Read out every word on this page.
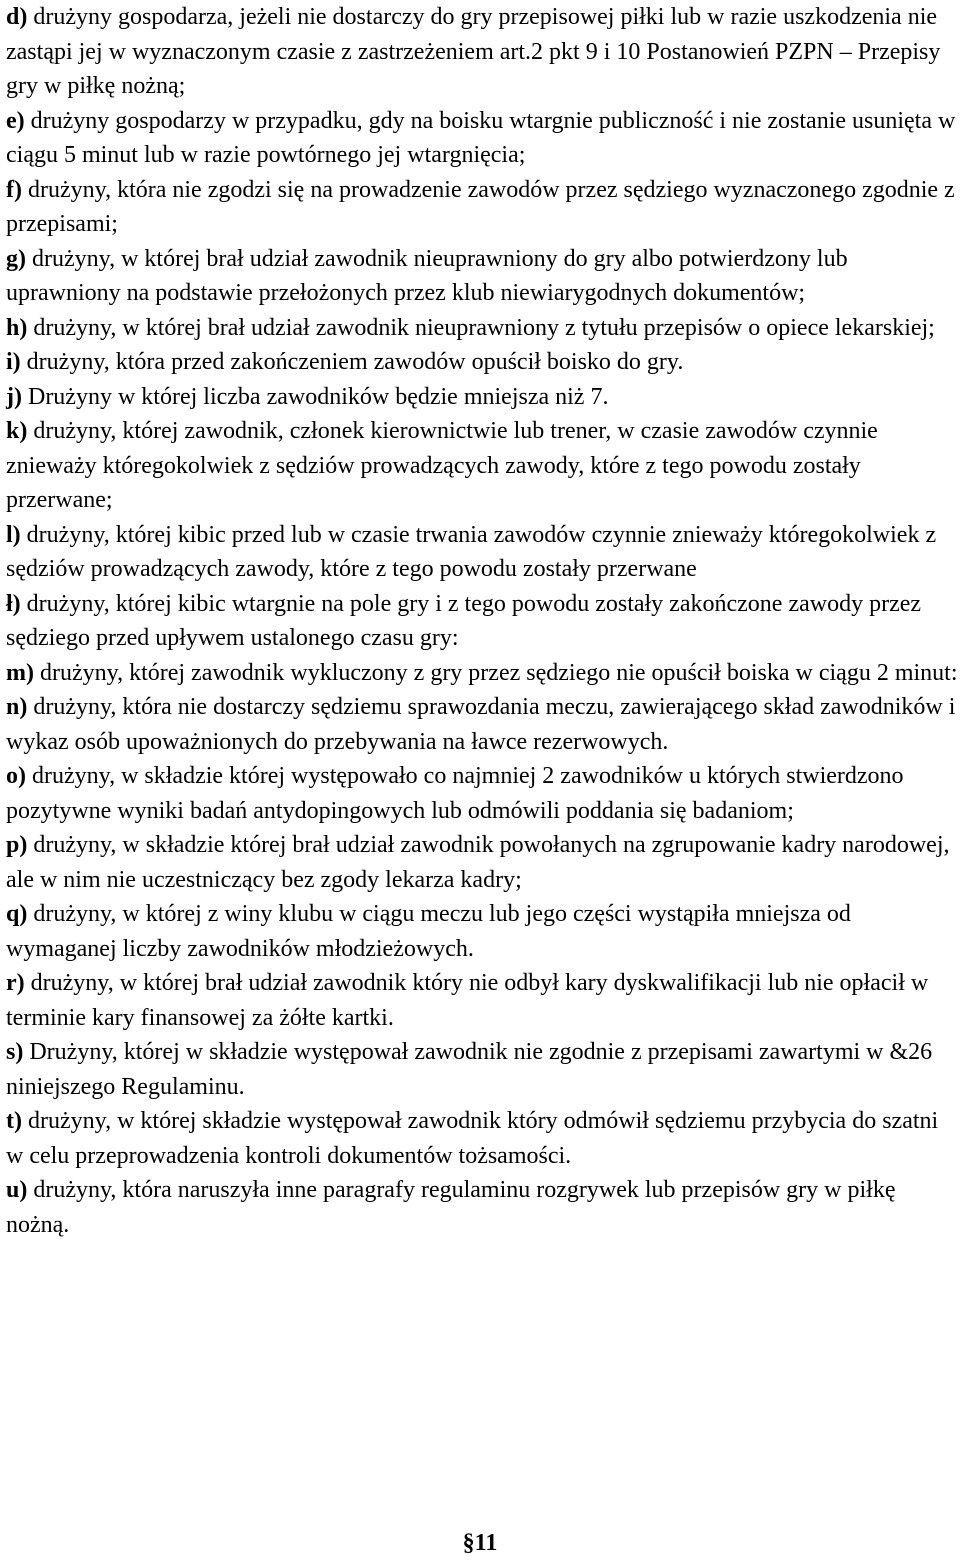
d) drużyny gospodarza, jeżeli nie dostarczy do gry przepisowej piłki lub w razie uszkodzenia nie zastąpi jej w wyznaczonym czasie z zastrzeżeniem art.2 pkt 9 i 10 Postanowień PZPN – Przepisy gry w piłkę nożną;

e) drużyny gospodarzy w przypadku, gdy na boisku wtargnie publiczność i nie zostanie usunięta w ciągu 5 minut lub w razie powtórnego jej wtargnięcia;

f) drużyny, która nie zgodzi się na prowadzenie zawodów przez sędziego wyznaczonego zgodnie z przepisami;

g) drużyny, w której brał udział zawodnik nieuprawniony do gry albo potwierdzony lub uprawniony na podstawie przełożonych przez klub niewiarygodnych dokumentów;

h) drużyny, w której brał udział zawodnik nieuprawniony z tytułu przepisów o opiece lekarskiej;

i) drużyny, która przed zakończeniem zawodów opuścił boisko do gry.

j) Drużyny w której liczba zawodników będzie mniejsza niż 7.

k) drużyny, której zawodnik, członek kierownictwie lub trener, w czasie zawodów czynnie znieważy któregokolwiek z sędziów prowadzących zawody, które z tego powodu zostały przerwane;

l) drużyny, której kibic przed lub w czasie trwania zawodów czynnie znieważy któregokolwiek z sędziów prowadzących zawody, które z tego powodu zostały przerwane

ł) drużyny, której kibic wtargnie na pole gry i z tego powodu zostały zakończone zawody przez sędziego przed upływem ustalonego czasu gry:

m) drużyny, której zawodnik wykluczony z gry przez sędziego nie opuścił boiska w ciągu 2 minut:

n) drużyny, która nie dostarczy sędziemu sprawozdania meczu, zawierającego skład zawodników i wykaz osób upoważnionych do przebywania na ławce rezerwowych.

o) drużyny, w składzie której występowało co najmniej 2 zawodników u których stwierdzono pozytywne wyniki badań antydopingowych lub odmówili poddania się badaniom;

p) drużyny, w składzie której brał udział zawodnik powołanych na zgrupowanie kadry narodowej, ale w nim nie uczestniczący bez zgody lekarza kadry;

q) drużyny, w której z winy klubu w ciągu meczu lub jego części wystąpiła mniejsza od wymaganej liczby zawodników młodzieżowych.

r) drużyny, w której brał udział zawodnik który nie odbył kary dyskwalifikacji lub nie opłacił w terminie kary finansowej za żółte kartki.

s) Drużyny, której w składzie występował zawodnik nie zgodnie z przepisami zawartymi w &26 niniejszego Regulaminu.

t) drużyny, w której składzie występował zawodnik który odmówił sędziemu przybycia do szatni w celu przeprowadzenia kontroli dokumentów tożsamości.

u) drużyny, która naruszyła inne paragrafy regulaminu rozgrywek lub przepisów gry w piłkę nożną.

§11
